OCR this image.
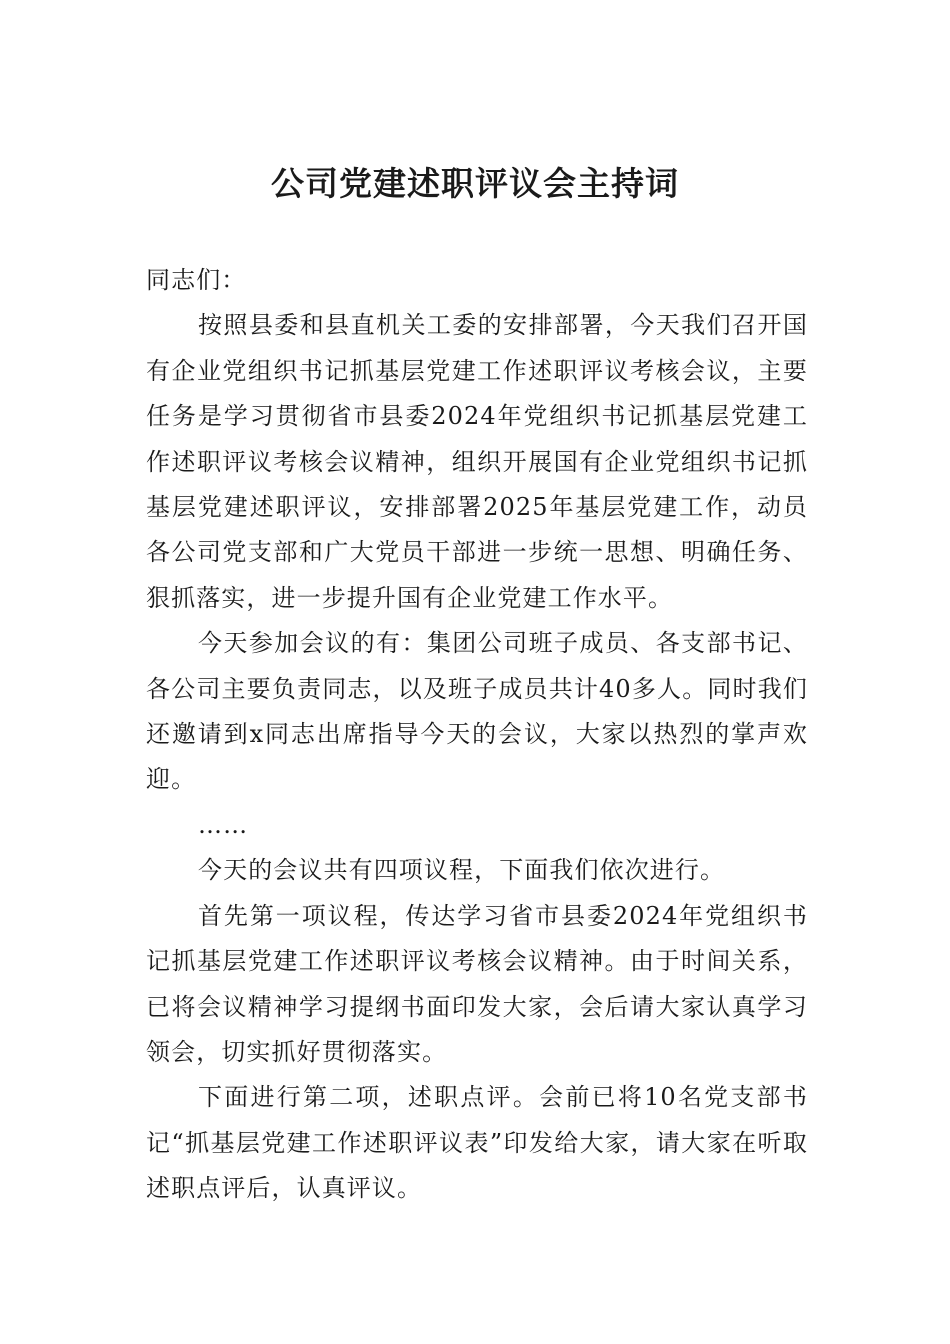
公司党建述职评议会主持词

同志们：

按照县委和县直机关工委的安排部署，今天我们召开国有企业党组织书记抓基层党建工作述职评议考核会议，主要任务是学习贯彻省市县委2024年党组织书记抓基层党建工作述职评议考核会议精神，组织开展国有企业党组织书记抓基层党建述职评议，安排部署2025年基层党建工作，动员各公司党支部和广大党员干部进一步统一思想、明确任务、狠抓落实，进一步提升国有企业党建工作水平。

今天参加会议的有：集团公司班子成员、各支部书记、各公司主要负责同志，以及班子成员共计40多人。同时我们还邀请到x同志出席指导今天的会议，大家以热烈的掌声欢迎。

……

今天的会议共有四项议程，下面我们依次进行。

首先第一项议程，传达学习省市县委2024年党组织书记抓基层党建工作述职评议考核会议精神。由于时间关系，已将会议精神学习提纲书面印发大家，会后请大家认真学习领会，切实抓好贯彻落实。

下面进行第二项，述职点评。会前已将10名党支部书记“抓基层党建工作述职评议表”印发给大家，请大家在听取述职点评后，认真评议。
